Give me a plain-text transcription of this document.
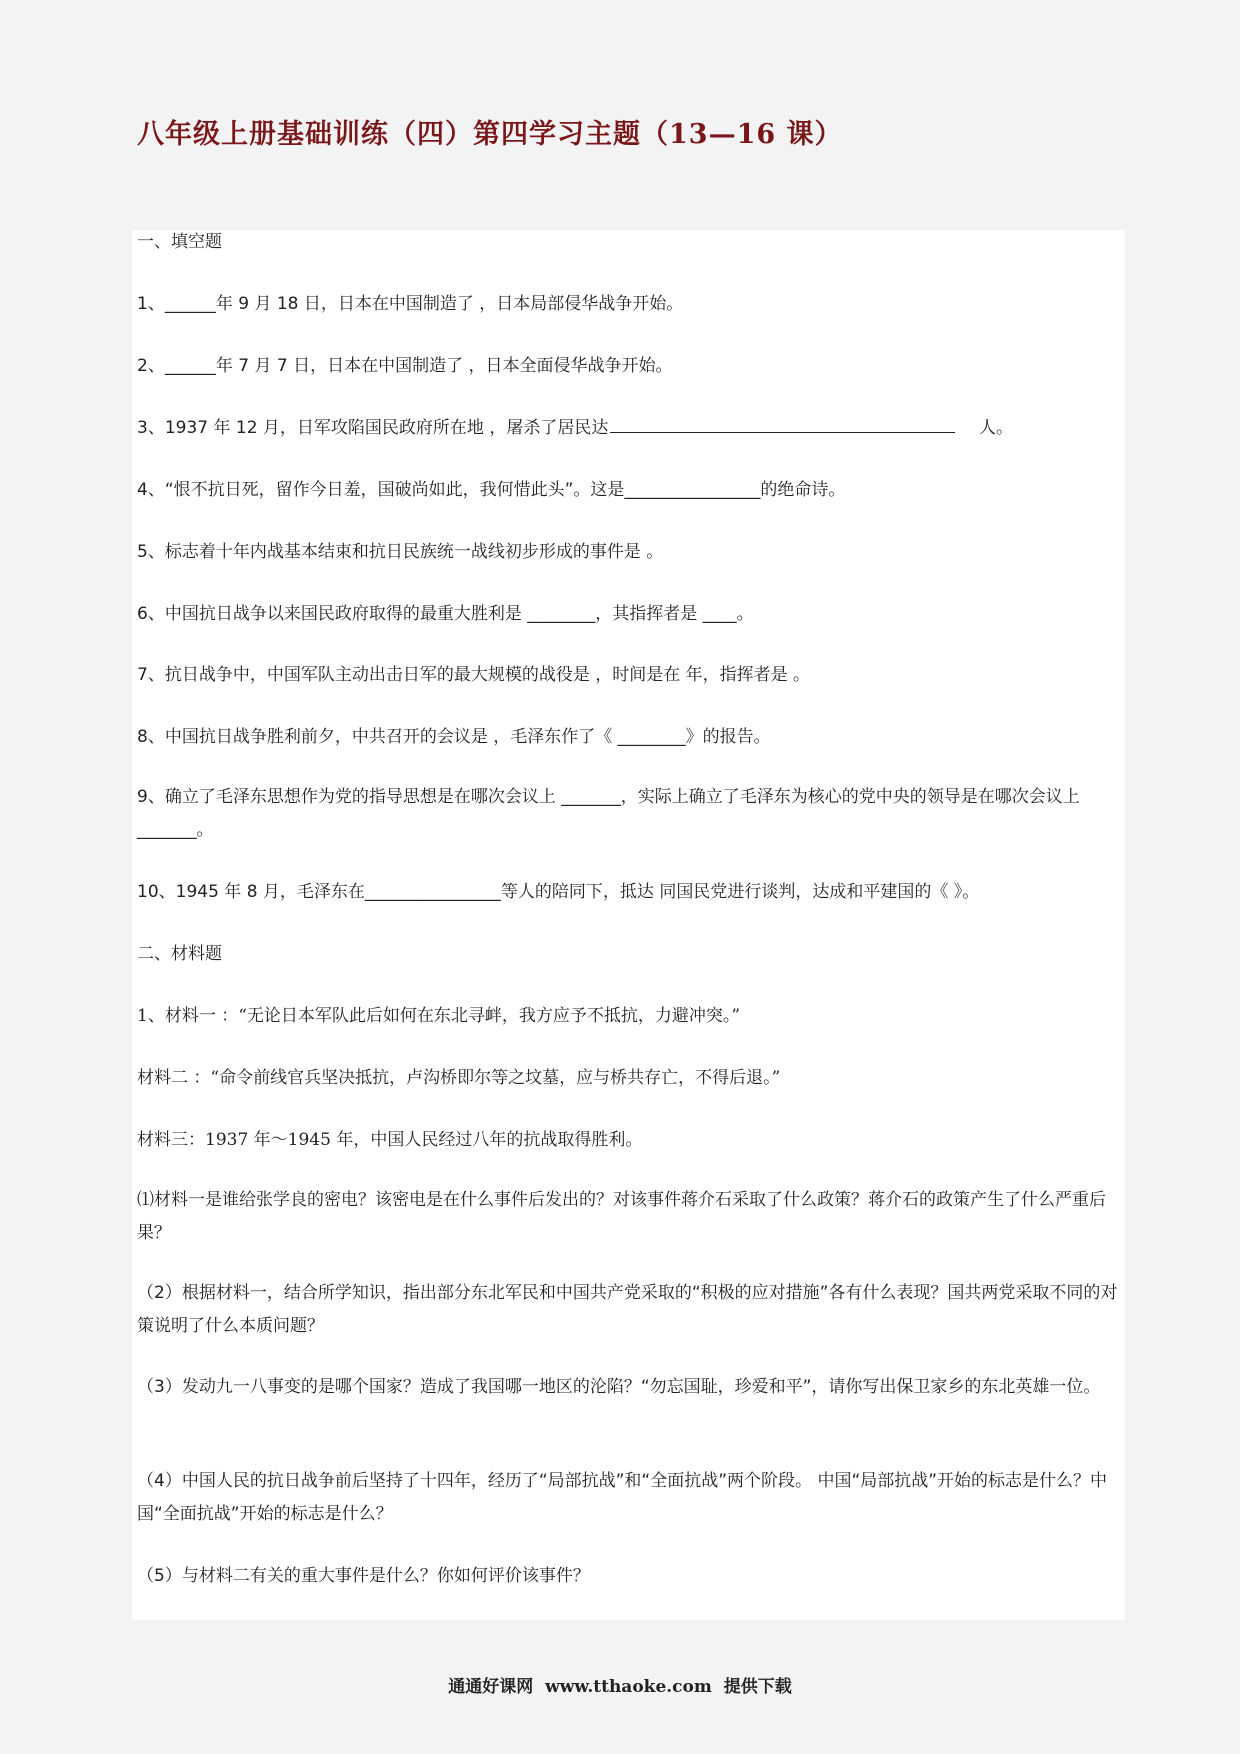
八年级上册基础训练（四）第四学习主题（13—16 课）
一、填空题
1、______年 9 月 18 日，日本在中国制造了 ，日本局部侵华战争开始。
2、______年 7 月 7 日，日本在中国制造了 ，日本全面侵华战争开始。
3、1937 年 12 月，日军攻陷国民政府所在地 ，屠杀了居民达	人。
4、“恨不抗日死，留作今日羞，国破尚如此，我何惜此头”。这是________________的绝命诗。
5、标志着十年内战基本结束和抗日民族统一战线初步形成的事件是 。
6、中国抗日战争以来国民政府取得的最重大胜利是 ________，其指挥者是 ____。
7、抗日战争中，中国军队主动出击日军的最大规模的战役是 ，时间是在 年，指挥者是 。
8、中国抗日战争胜利前夕，中共召开的会议是 ，毛泽东作了《 ________》的报告。
9、确立了毛泽东思想作为党的指导思想是在哪次会议上 _______，实际上确立了毛泽东为核心的党中央的领导是在哪次会议上 _______。
10、1945 年 8 月，毛泽东在________________等人的陪同下，抵达 同国民党进行谈判，达成和平建国的《 》。
二、材料题
1、材料一 ：“无论日本军队此后如何在东北寻衅，我方应予不抵抗，力避冲突。”
材料二 ：“命令前线官兵坚决抵抗，卢沟桥即尔等之坟墓，应与桥共存亡，不得后退。”
材料三：1937 年～1945 年，中国人民经过八年的抗战取得胜利。
⑴材料一是谁给张学良的密电？该密电是在什么事件后发出的？对该事件蒋介石采取了什么政策？蒋介石的政策产生了什么严重后果？
（2）根据材料一，结合所学知识，指出部分东北军民和中国共产党采取的“积极的应对措施”各有什么表现？国共两党采取不同的对策说明了什么本质问题？
（3）发动九一八事变的是哪个国家？造成了我国哪一地区的沦陷？“勿忘国耻，珍爱和平”，请你写出保卫家乡的东北英雄一位。
（4）中国人民的抗日战争前后坚持了十四年，经历了“局部抗战”和“全面抗战”两个阶段。 中国“局部抗战”开始的标志是什么？中国“全面抗战”开始的标志是什么？
（5）与材料二有关的重大事件是什么？你如何评价该事件？
通通好课网  www.tthaoke.com  提供下载
